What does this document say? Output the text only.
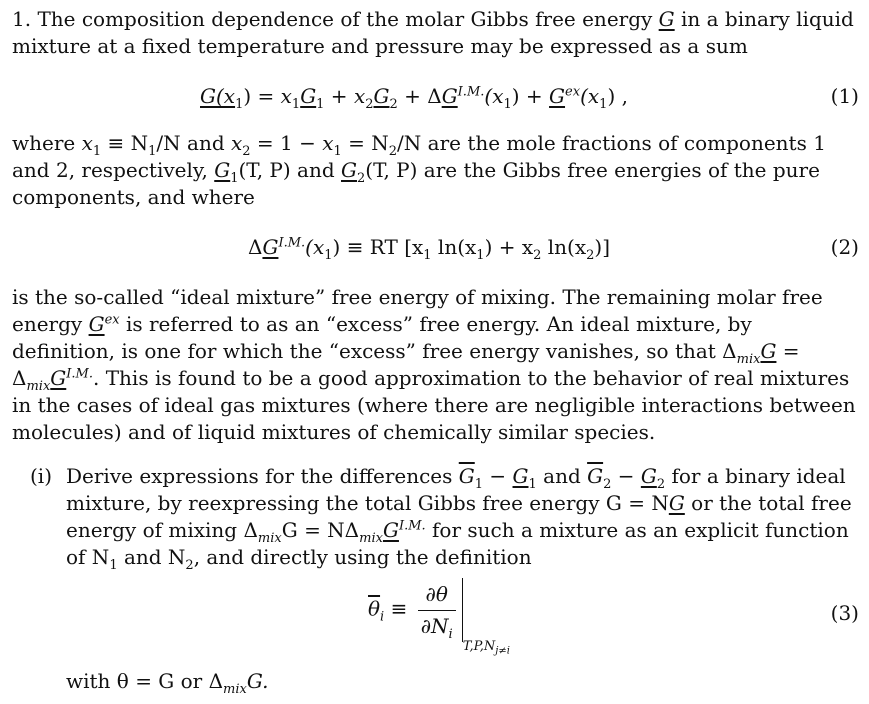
1. The composition dependence of the molar Gibbs free energy G in a binary liquid mixture at a fixed temperature and pressure may be expressed as a sum

$G(x_1) = x_1G_1 + x_2G_2 + \Delta G^{I.M.}(x_1) + G^{ex}(x_1)$ ,	(1)

where $x_1 \equiv N_1/N$ and $x_2 = 1 - x_1 = N_2/N$ are the mole fractions of components 1 and 2, respectively, $G_1(T$, P) and $G_2(T$, P) are the Gibbs free energies of the pure components, and where

$\Delta G^{I.M.}(x_1)$ ≡ RT [$x_1$ $\ln(x_1) + x_2$ $\ln(x_2)$]	(2)

is the so-called “ideal mixture” free energy of mixing. The remaining molar free energy $G^{ex}$ is referred to as an “excess” free energy. An ideal mixture, by definition, is one for which the “excess” free energy vanishes, so that $\Delta_{mix}G = \Delta_{mix}G^{I.M.}$. This is found to be a good approximation to the behavior of real mixtures in the cases of ideal gas mixtures (where there are negligible interactions between molecules) and of liquid mixtures of chemically similar species.

(i) Derive expressions for the differences $\overline{G}_1 - G_1$ and $\overline{G}_2 - G_2$ for a binary ideal mixture, by reexpressing the total Gibbs free energy G = NG or the total free energy of mixing $\Delta_{mix}G = N\Delta_{mix}G^{I.M.}$ for such a mixture as an explicit function of $N_1$ and $N_2$, and directly using the definition

$\overline{\theta}_i \equiv \frac{\partial\theta}{\partial N_i}$
$T,P,N_{j\ne i}$
(3)

with θ = G or $\Delta_{mix}G$.
